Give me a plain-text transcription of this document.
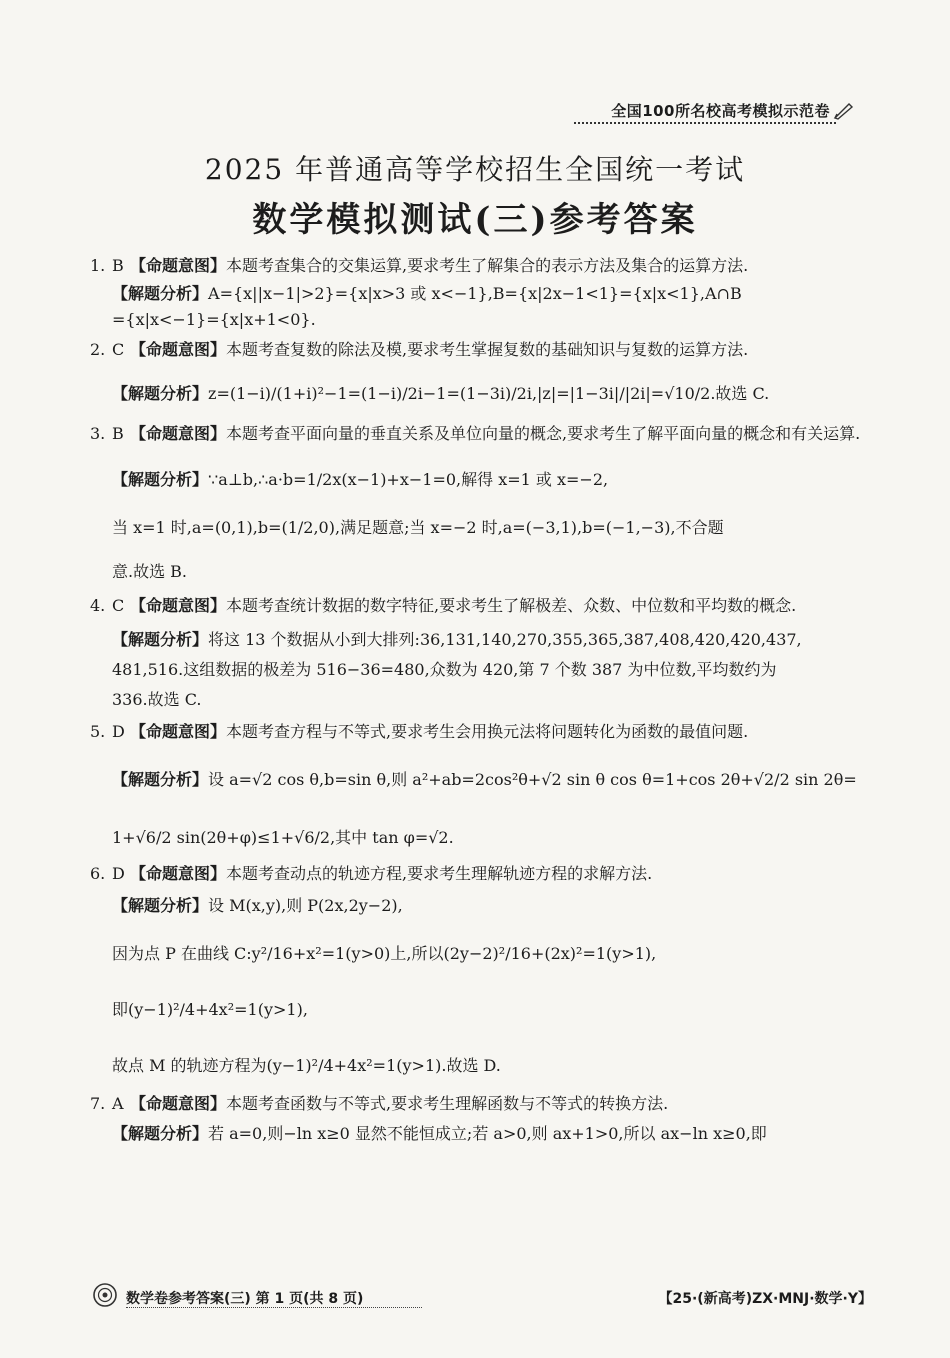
全国100所名校高考模拟示范卷
2025 年普通高等学校招生全国统一考试
数学模拟测试(三)参考答案
1. B 【命题意图】 本题考查集合的交集运算,要求考生了解集合的表示方法及集合的运算方法.
【解题分析】A={x||x−1|>2}={x|x>3 或 x<−1},B={x|2x−1<1}={x|x<1},A∩B
={x|x<−1}={x|x+1<0}.
2. C 【命题意图】 本题考查复数的除法及模,要求考生掌握复数的基础知识与复数的运算方法.
【解题分析】z=(1−i)/(1+i)²−1=(1−i)/2i−1=(1−3i)/2i,|z|=|1−3i|/|2i|=√10/2.故选 C.
3. B 【命题意图】本题考查平面向量的垂直关系及单位向量的概念,要求考生了解平面向量的概念和有关运算.
【解题分析】∵a⊥b,∴a·b=1/2x(x−1)+x−1=0,解得 x=1 或 x=−2,
当 x=1 时,a=(0,1),b=(1/2,0),满足题意;当 x=−2 时,a=(−3,1),b=(−1,−3),不合题
意.故选 B.
4. C 【命题意图】本题考查统计数据的数字特征,要求考生了解极差、众数、中位数和平均数的概念.
【解题分析】将这 13 个数据从小到大排列:36,131,140,270,355,365,387,408,420,420,437,
481,516.这组数据的极差为 516−36=480,众数为 420,第 7 个数 387 为中位数,平均数约为
336.故选 C.
5. D 【命题意图】 本题考查方程与不等式,要求考生会用换元法将问题转化为函数的最值问题.
【解题分析】设 a=√2 cos θ,b=sin θ,则 a²+ab=2cos²θ+√2 sin θ cos θ=1+cos 2θ+√2/2 sin 2θ=
1+√6/2 sin(2θ+φ)≤1+√6/2,其中 tan φ=√2.
6. D 【命题意图】 本题考查动点的轨迹方程,要求考生理解轨迹方程的求解方法.
【解题分析】设 M(x,y),则 P(2x,2y−2),
因为点 P 在曲线 C:y²/16+x²=1(y>0)上,所以(2y−2)²/16+(2x)²=1(y>1),
即(y−1)²/4+4x²=1(y>1),
故点 M 的轨迹方程为(y−1)²/4+4x²=1(y>1).故选 D.
7. A 【命题意图】 本题考查函数与不等式,要求考生理解函数与不等式的转换方法.
【解题分析】若 a=0,则−ln x≥0 显然不能恒成立;若 a>0,则 ax+1>0,所以 ax−ln x≥0,即
数学卷参考答案(三) 第 1 页(共 8 页)	【25·(新高考)ZX·MNJ·数学·Y】
